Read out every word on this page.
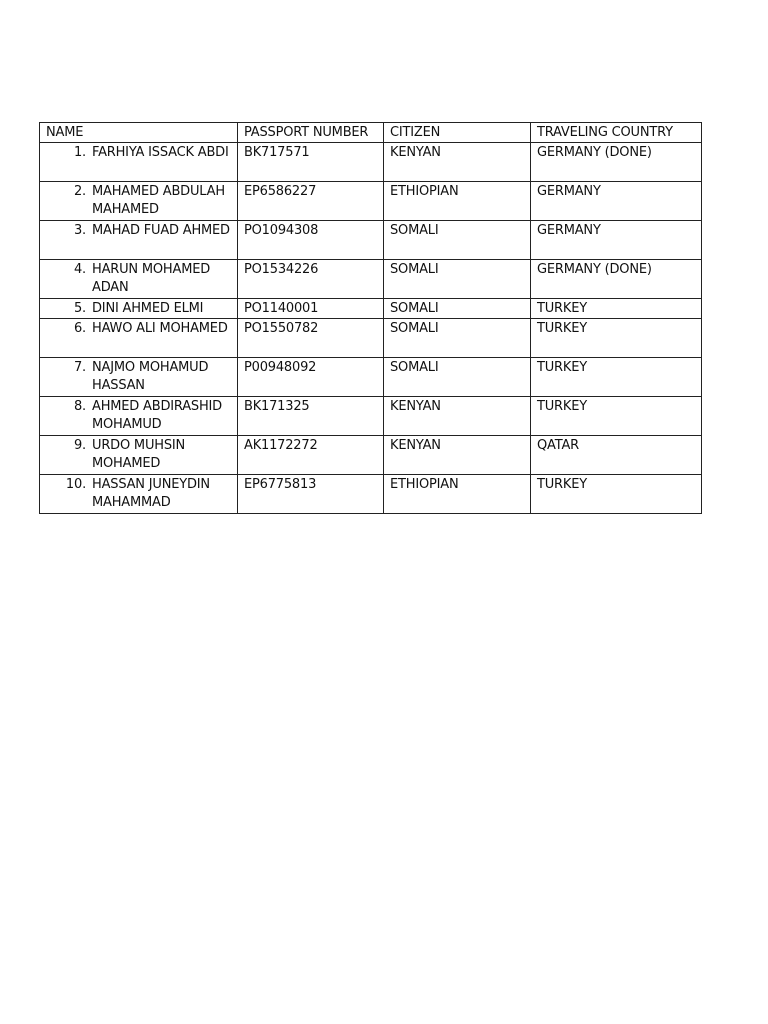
NAME	PASSPORT NUMBER	CITIZEN	TRAVELING COUNTRY

1. FARHIYA ISSACK ABDI	BK717571	KENYAN	GERMANY (DONE)

2. MAHAMED ABDULAH MAHAMED	EP6586227	ETHIOPIAN	GERMANY

3. MAHAD FUAD AHMED	PO1094308	SOMALI	GERMANY

4. HARUN MOHAMED ADAN	PO1534226	SOMALI	GERMANY (DONE)

5. DINI AHMED ELMI	PO1140001	SOMALI	TURKEY

6. HAWO ALI MOHAMED	PO1550782	SOMALI	TURKEY

7. NAJMO MOHAMUD HASSAN	P00948092	SOMALI	TURKEY

8. AHMED ABDIRASHID MOHAMUD	BK171325	KENYAN	TURKEY

9. URDO MUHSIN MOHAMED	AK1172272	KENYAN	QATAR

10. HASSAN JUNEYDIN MAHAMMAD	EP6775813	ETHIOPIAN	TURKEY
